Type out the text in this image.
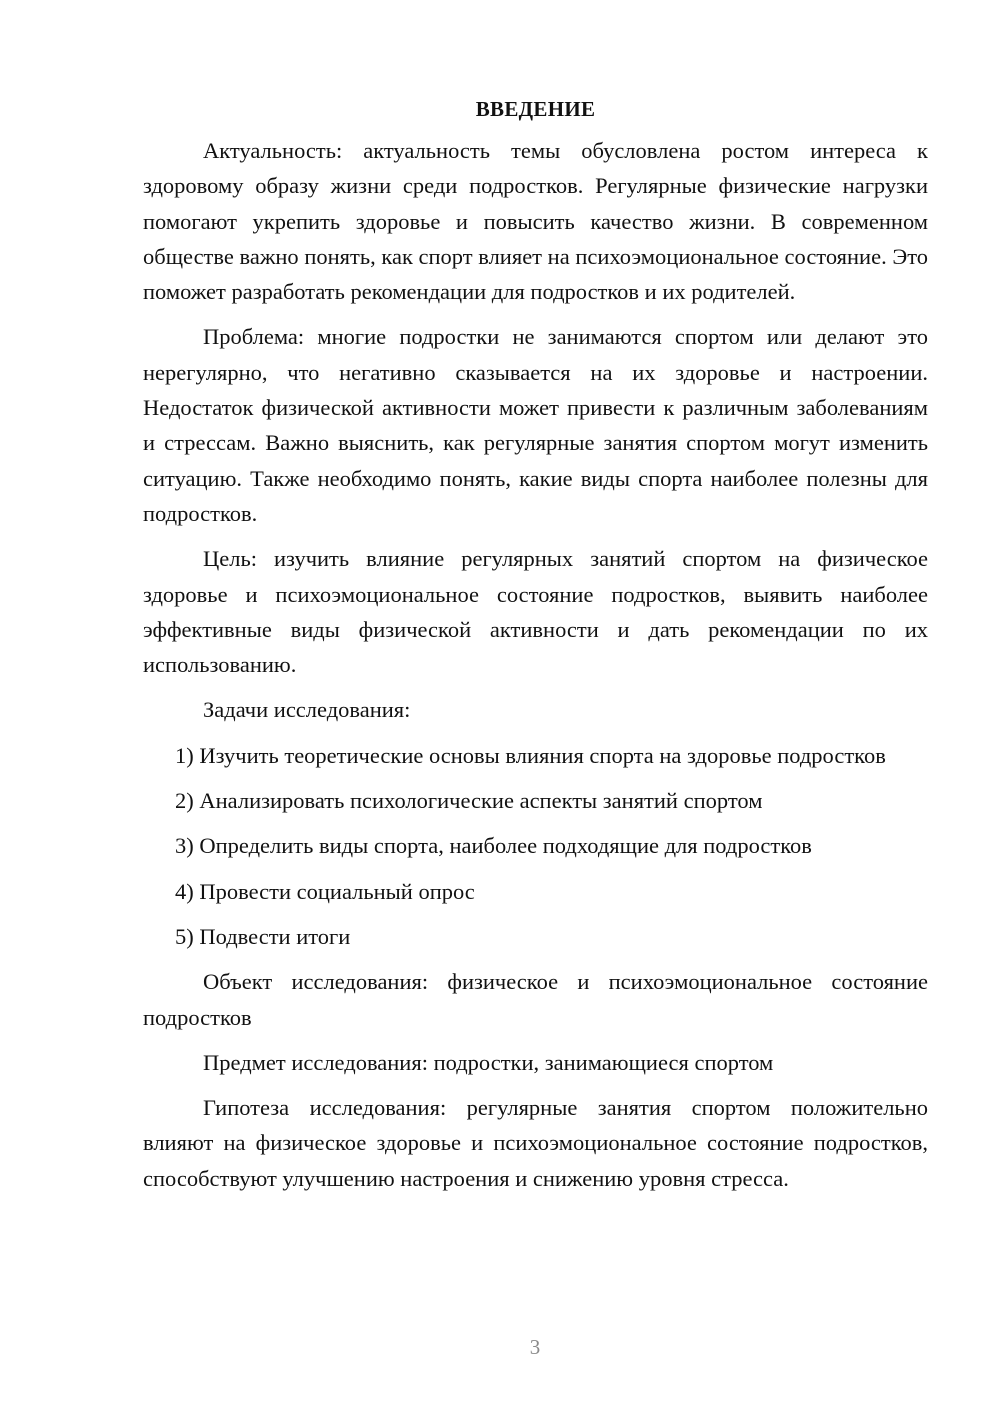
ВВЕДЕНИЕ

Актуальность: актуальность темы обусловлена ростом интереса к здоровому образу жизни среди подростков. Регулярные физические нагрузки помогают укрепить здоровье и повысить качество жизни. В современном обществе важно понять, как спорт влияет на психоэмоциональное состояние. Это поможет разработать рекомендации для подростков и их родителей.

Проблема: многие подростки не занимаются спортом или делают это нерегулярно, что негативно сказывается на их здоровье и настроении. Недостаток физической активности может привести к различным заболеваниям и стрессам. Важно выяснить, как регулярные занятия спортом могут изменить ситуацию. Также необходимо понять, какие виды спорта наиболее полезны для подростков.

Цель: изучить влияние регулярных занятий спортом на физическое здоровье и психоэмоциональное состояние подростков, выявить наиболее эффективные виды физической активности и дать рекомендации по их использованию.

Задачи исследования:

1) Изучить теоретические основы влияния спорта на здоровье подростков

2) Анализировать психологические аспекты занятий спортом

3) Определить виды спорта, наиболее подходящие для подростков

4) Провести социальный опрос

5) Подвести итоги

Объект исследования: физическое и психоэмоциональное состояние подростков

Предмет исследования: подростки, занимающиеся спортом

Гипотеза исследования: регулярные занятия спортом положительно влияют на физическое здоровье и психоэмоциональное состояние подростков, способствуют улучшению настроения и снижению уровня стресса.

3
